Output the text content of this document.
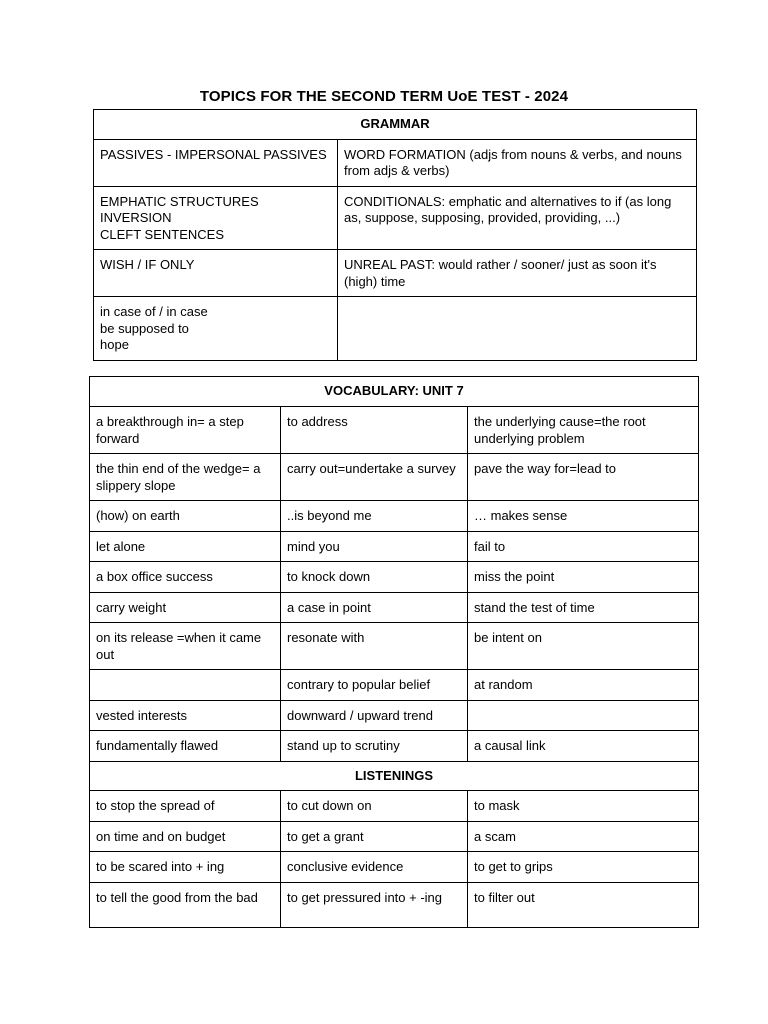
TOPICS FOR THE SECOND TERM UoE TEST - 2024
GRAMMAR	
PASSIVES - IMPERSONAL PASSIVES	WORD FORMATION (adjs from nouns & verbs, and nouns from adjs & verbs)
EMPHATIC STRUCTURES
INVERSION
CLEFT SENTENCES	CONDITIONALS: emphatic and alternatives to if (as long as, suppose, supposing, provided, providing, ...)
WISH / IF ONLY	UNREAL PAST: would rather / sooner/ just as soon it's (high) time
in case of / in case
be supposed to
hope	
VOCABULARY: UNIT 7		
a breakthrough in= a step forward	to address	the underlying cause=the root underlying problem
the thin end of the wedge= a slippery slope	carry out=undertake a survey	pave the way for=lead to
(how) on earth	..is beyond me	… makes sense
let alone	mind you	fail to
a box office success	to knock down	miss the point
carry weight	a case in point	stand the test of time
on its release =when it came out	resonate with	be intent on
	contrary to popular belief	at random
vested interests	downward / upward trend	
fundamentally flawed	stand up to scrutiny	a causal link
LISTENINGS		
to stop the spread of	to cut down on	to mask
on time and on budget	to get a grant	a scam
to be scared into + ing	conclusive evidence	to get to grips
to tell the good from the bad	to get pressured into + -ing	to filter out
